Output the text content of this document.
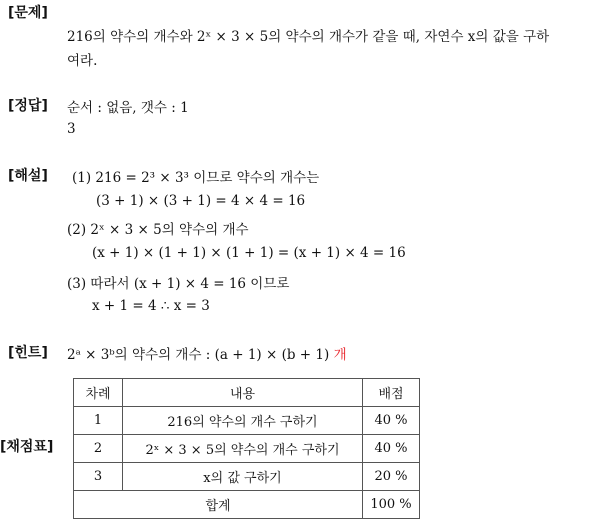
[문제]
216의 약수의 개수와 2ˣ × 3 × 5의 약수의 개수가 같을 때, 자연수 x의 값을 구하
여라.
[정답] 순서 : 없음, 갯수 : 1
3
[해설] (1) 216 = 2³ × 3³ 이므로 약수의 개수는
(3 + 1) × (3 + 1) = 4 × 4 = 16
(2) 2ˣ × 3 × 5의 약수의 개수
(x + 1) × (1 + 1) × (1 + 1) = (x + 1) × 4 = 16
(3) 따라서 (x + 1) × 4 = 16 이므로
x + 1 = 4 ∴ x = 3
[힌트] 2ᵃ × 3ᵇ의 약수의 개수 : (a + 1) × (b + 1) 개
[채점표]
차례	내용	배점
1	216의 약수의 개수 구하기	40 %
2	2ˣ × 3 × 5의 약수의 개수 구하기	40 %
3	x의 값 구하기	20 %
합계		100 %
